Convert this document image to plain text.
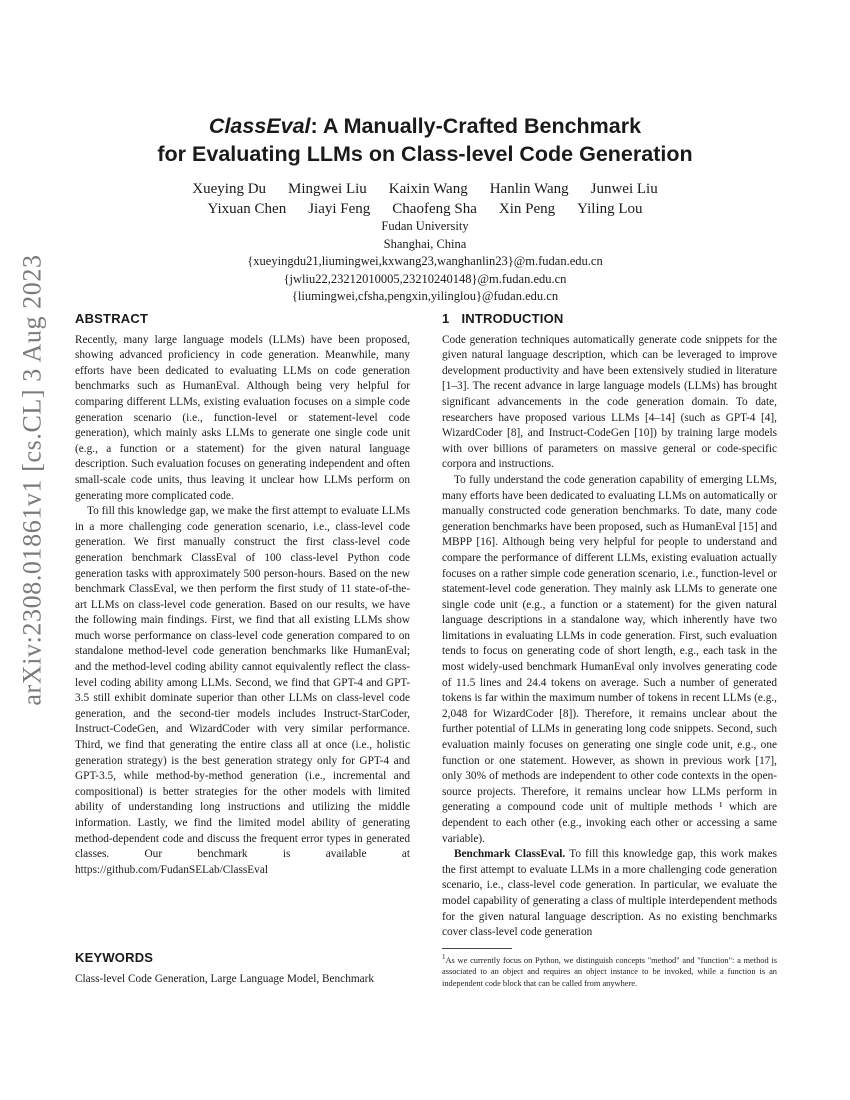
arXiv:2308.01861v1 [cs.CL] 3 Aug 2023
ClassEval: A Manually-Crafted Benchmark
for Evaluating LLMs on Class-level Code Generation
Xueying Du Mingwei Liu Kaixin Wang Hanlin Wang Junwei Liu
Yixuan Chen Jiayi Feng Chaofeng Sha Xin Peng Yiling Lou
Fudan University
Shanghai, China
{xueyingdu21,liumingwei,kxwang23,wanghanlin23}@m.fudan.edu.cn
{jwliu22,23212010005,23210240148}@m.fudan.edu.cn
{liumingwei,cfsha,pengxin,yilinglou}@fudan.edu.cn
ABSTRACT

Recently, many large language models (LLMs) have been proposed, showing advanced proficiency in code generation. Meanwhile, many efforts have been dedicated to evaluating LLMs on code generation benchmarks such as HumanEval. Although being very helpful for comparing different LLMs, existing evaluation focuses on a simple code generation scenario (i.e., function-level or statement-level code generation), which mainly asks LLMs to generate one single code unit (e.g., a function or a statement) for the given natural language description. Such evaluation focuses on generating independent and often small-scale code units, thus leaving it unclear how LLMs perform on generating more complicated code.

To fill this knowledge gap, we make the first attempt to evaluate LLMs in a more challenging code generation scenario, i.e., class-level code generation. We first manually construct the first class-level code generation benchmark ClassEval of 100 class-level Python code generation tasks with approximately 500 person-hours. Based on the new benchmark ClassEval, we then perform the first study of 11 state-of-the-art LLMs on class-level code generation. Based on our results, we have the following main findings. First, we find that all existing LLMs show much worse performance on class-level code generation compared to on standalone method-level code generation benchmarks like HumanEval; and the method-level coding ability cannot equivalently reflect the class-level coding ability among LLMs. Second, we find that GPT-4 and GPT-3.5 still exhibit dominate superior than other LLMs on class-level code generation, and the second-tier models includes Instruct-StarCoder, Instruct-CodeGen, and WizardCoder with very similar performance. Third, we find that generating the entire class all at once (i.e., holistic generation strategy) is the best generation strategy only for GPT-4 and GPT-3.5, while method-by-method generation (i.e., incremental and compositional) is better strategies for the other models with limited ability of understanding long instructions and utilizing the middle information. Lastly, we find the limited model ability of generating method-dependent code and discuss the frequent error types in generated classes. Our benchmark is available at https://github.com/FudanSELab/ClassEval

KEYWORDS
Class-level Code Generation, Large Language Model, Benchmark
1 INTRODUCTION

Code generation techniques automatically generate code snippets for the given natural language description, which can be leveraged to improve development productivity and have been extensively studied in literature [1–3]. The recent advance in large language models (LLMs) has brought significant advancements in the code generation domain. To date, researchers have proposed various LLMs [4–14] (such as GPT-4 [4], WizardCoder [8], and Instruct-CodeGen [10]) by training large models with over billions of parameters on massive general or code-specific corpora and instructions.

To fully understand the code generation capability of emerging LLMs, many efforts have been dedicated to evaluating LLMs on automatically or manually constructed code generation benchmarks. To date, many code generation benchmarks have been proposed, such as HumanEval [15] and MBPP [16]. Although being very helpful for people to understand and compare the performance of different LLMs, existing evaluation actually focuses on a rather simple code generation scenario, i.e., function-level or statement-level code generation. They mainly ask LLMs to generate one single code unit (e.g., a function or a statement) for the given natural language descriptions in a standalone way, which inherently have two limitations in evaluating LLMs in code generation. First, such evaluation tends to focus on generating code of short length, e.g., each task in the most widely-used benchmark HumanEval only involves generating code of 11.5 lines and 24.4 tokens on average. Such a number of generated tokens is far within the maximum number of tokens in recent LLMs (e.g., 2,048 for WizardCoder [8]). Therefore, it remains unclear about the further potential of LLMs in generating long code snippets. Second, such evaluation mainly focuses on generating one single code unit, e.g., one function or one statement. However, as shown in previous work [17], only 30% of methods are independent to other code contexts in the open-source projects. Therefore, it remains unclear how LLMs perform in generating a compound code unit of multiple methods ¹ which are dependent to each other (e.g., invoking each other or accessing a same variable).

Benchmark ClassEval. To fill this knowledge gap, this work makes the first attempt to evaluate LLMs in a more challenging code generation scenario, i.e., class-level code generation. In particular, we evaluate the model capability of generating a class of multiple interdependent methods for the given natural language description. As no existing benchmarks cover class-level code generation

$^1$As we currently focus on Python, we distinguish concepts "method" and "function": a method is associated to an object and requires an object instance to be invoked, while a function is an independent code block that can be called from anywhere.
